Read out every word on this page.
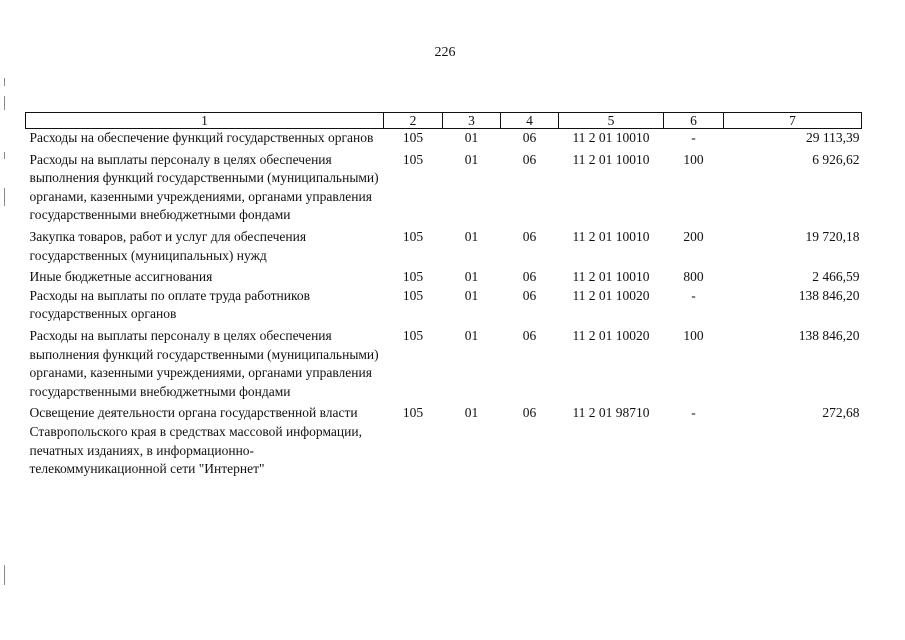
226
1	2	3	4	5	6	7
Расходы на обеспечение функций государственных органов	105	01	06	11 2 01 10010	-	29 113,39
Расходы на выплаты персоналу в целях обеспечения выполнения функций государственными (муниципальными) органами, казенными учреждениями, органами управления государственными внебюджетными фондами	105	01	06	11 2 01 10010	100	6 926,62
Закупка товаров, работ и услуг для обеспечения государственных (муниципальных) нужд	105	01	06	11 2 01 10010	200	19 720,18
Иные бюджетные ассигнования	105	01	06	11 2 01 10010	800	2 466,59
Расходы на выплаты по оплате труда работников государственных органов	105	01	06	11 2 01 10020	-	138 846,20
Расходы на выплаты персоналу в целях обеспечения выполнения функций государственными (муниципальными) органами, казенными учреждениями, органами управления государственными внебюджетными фондами	105	01	06	11 2 01 10020	100	138 846,20
Освещение деятельности органа государственной власти Ставропольского края в средствах массовой информации, печатных изданиях, в информационно-телекоммуникационной сети "Интернет"	105	01	06	11 2 01 98710	-	272,68
